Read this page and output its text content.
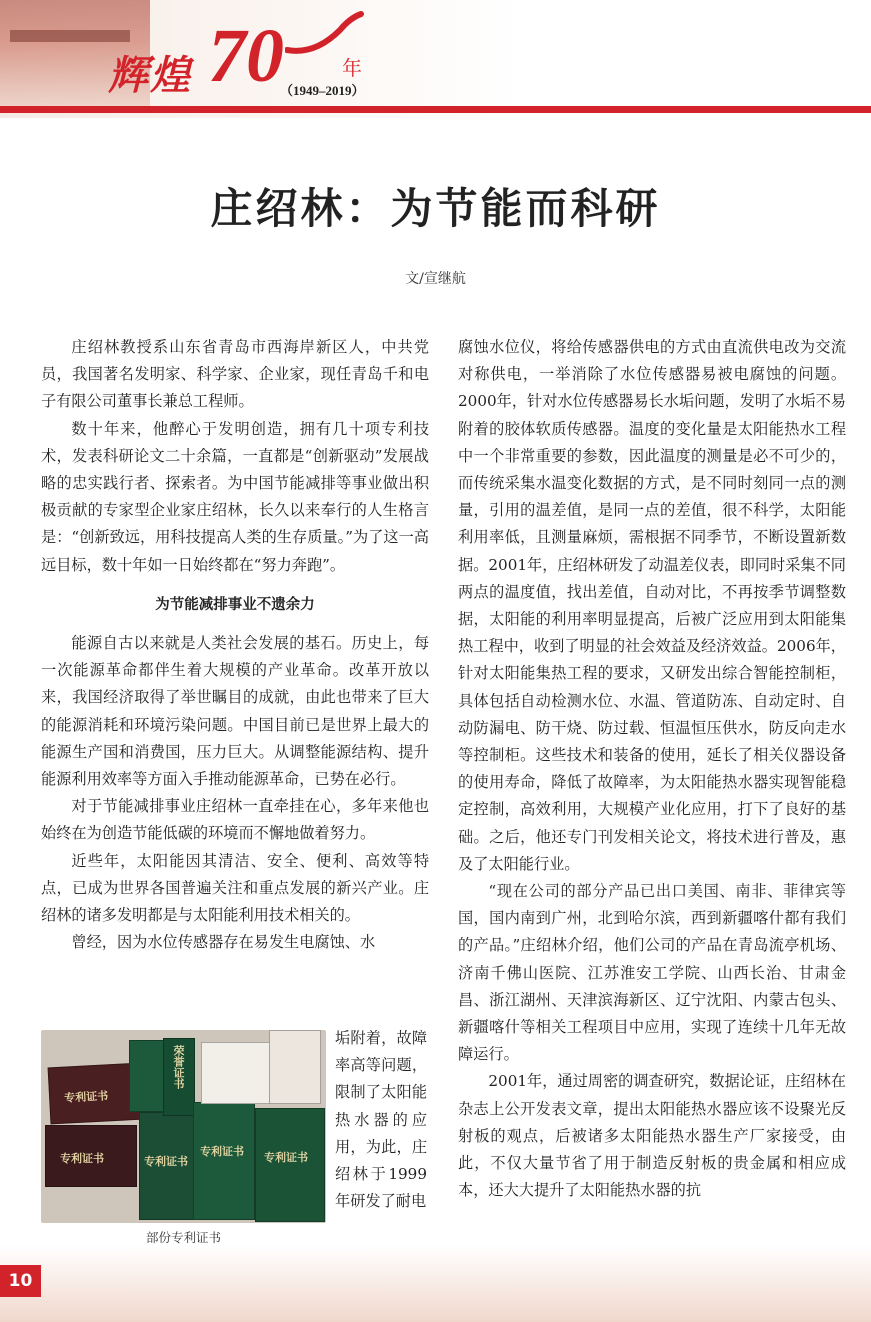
辉煌 70	年
（1949–2019）
庄绍林：为节能而科研
文/宣继航

庄绍林教授系山东省青岛市西海岸新区人，中共党员，我国著名发明家、科学家、企业家，现任青岛千和电子有限公司董事长兼总工程师。

数十年来，他醉心于发明创造，拥有几十项专利技术，发表科研论文二十余篇，一直都是“创新驱动”发展战略的忠实践行者、探索者。为中国节能减排等事业做出积极贡献的专家型企业家庄绍林，长久以来奉行的人生格言是：“创新致远，用科技提高人类的生存质量。”为了这一高远目标，数十年如一日始终都在“努力奔跑”。

为节能减排事业不遗余力

能源自古以来就是人类社会发展的基石。历史上，每一次能源革命都伴生着大规模的产业革命。改革开放以来，我国经济取得了举世瞩目的成就，由此也带来了巨大的能源消耗和环境污染问题。中国目前已是世界上最大的能源生产国和消费国，压力巨大。从调整能源结构、提升能源利用效率等方面入手推动能源革命，已势在必行。

对于节能减排事业庄绍林一直牵挂在心，多年来他也始终在为创造节能低碳的环境而不懈地做着努力。

近些年，太阳能因其清洁、安全、便利、高效等特点，已成为世界各国普遍关注和重点发展的新兴产业。庄绍林的诸多发明都是与太阳能利用技术相关的。

曾经，因为水位传感器存在易发生电腐蚀、水

专利证书
专利证书	专利证书
荣誉证书
专利证书 专利证书
部份专利证书

垢附着，故障率高等问题，限制了太阳能热水器的应用，为此，庄绍林于1999年研发了耐电

腐蚀水位仪，将给传感器供电的方式由直流供电改为交流对称供电，一举消除了水位传感器易被电腐蚀的问题。2000年，针对水位传感器易长水垢问题，发明了水垢不易附着的胶体软质传感器。温度的变化量是太阳能热水工程中一个非常重要的参数，因此温度的测量是必不可少的，而传统采集水温变化数据的方式，是不同时刻同一点的测量，引用的温差值，是同一点的差值，很不科学，太阳能利用率低，且测量麻烦，需根据不同季节，不断设置新数据。2001年，庄绍林研发了动温差仪表，即同时采集不同两点的温度值，找出差值，自动对比，不再按季节调整数据，太阳能的利用率明显提高，后被广泛应用到太阳能集热工程中，收到了明显的社会效益及经济效益。2006年，针对太阳能集热工程的要求，又研发出综合智能控制柜，具体包括自动检测水位、水温、管道防冻、自动定时、自动防漏电、防干烧、防过载、恒温恒压供水，防反向走水等控制柜。这些技术和装备的使用，延长了相关仪器设备的使用寿命，降低了故障率，为太阳能热水器实现智能稳定控制，高效利用，大规模产业化应用，打下了良好的基础。之后，他还专门刊发相关论文，将技术进行普及，惠及了太阳能行业。

“现在公司的部分产品已出口美国、南非、菲律宾等国，国内南到广州，北到哈尔滨，西到新疆喀什都有我们的产品。”庄绍林介绍，他们公司的产品在青岛流亭机场、济南千佛山医院、江苏淮安工学院、山西长治、甘肃金昌、浙江湖州、天津滨海新区、辽宁沈阳、内蒙古包头、新疆喀什等相关工程项目中应用，实现了连续十几年无故障运行。

2001年，通过周密的调查研究，数据论证，庄绍林在杂志上公开发表文章，提出太阳能热水器应该不设聚光反射板的观点，后被诸多太阳能热水器生产厂家接受，由此，不仅大量节省了用于制造反射板的贵金属和相应成本，还大大提升了太阳能热水器的抗

10
